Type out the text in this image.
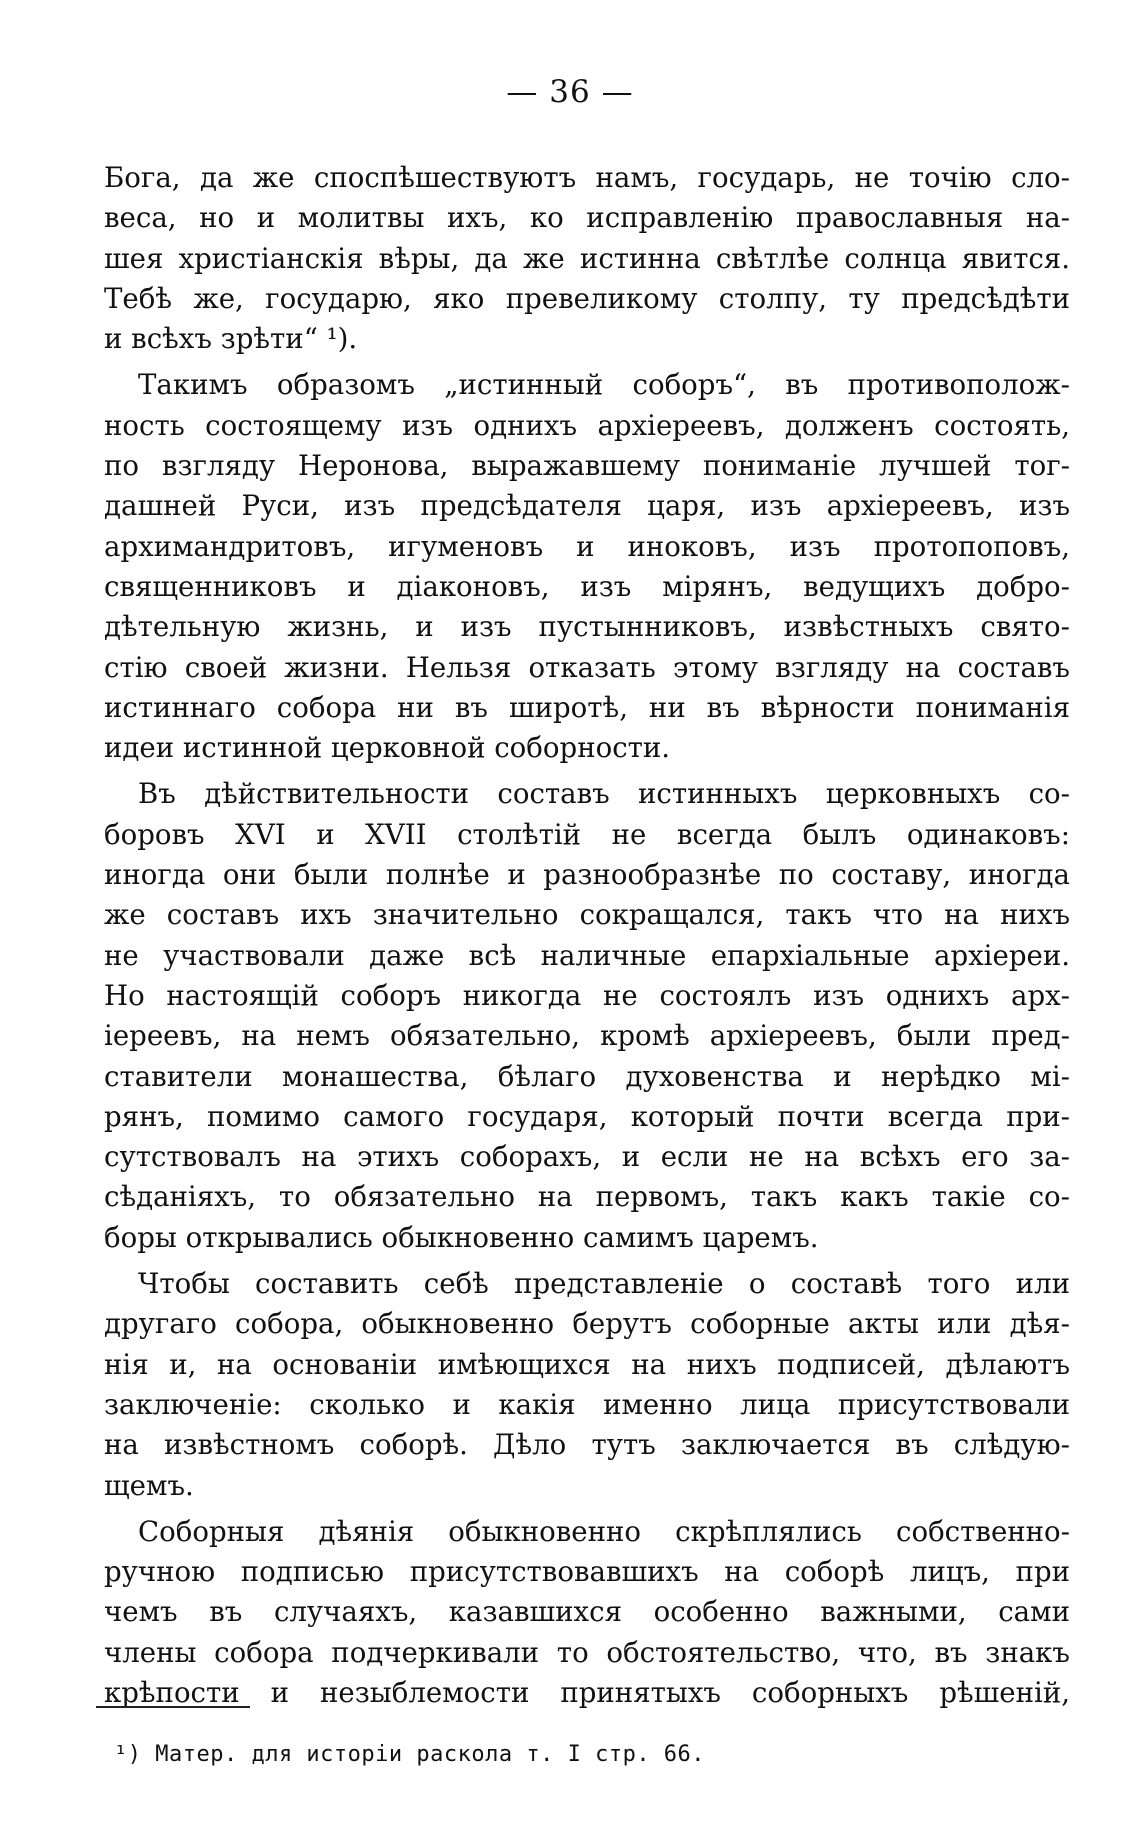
— 36 —
Бога, да же споспѣшествуютъ намъ, государь, не точію сло-
веса, но и молитвы ихъ, ко исправленію православныя на-
шея христіанскія вѣры, да же истинна свѣтлѣе солнца явится.
Тебѣ же, государю, яко превеликому столпу, ту предсѣдѣти
и всѣхъ зрѣти“ ¹).
Такимъ образомъ „истинный соборъ“, въ противополож-
ность состоящему изъ однихъ архіереевъ, долженъ состоять,
по взгляду Неронова, выражавшему пониманіе лучшей тог-
дашней Руси, изъ предсѣдателя царя, изъ архіереевъ, изъ
архимандритовъ, игуменовъ и иноковъ, изъ протопоповъ,
священниковъ и діаконовъ, изъ мірянъ, ведущихъ добро-
дѣтельную жизнь, и изъ пустынниковъ, извѣстныхъ свято-
стію своей жизни. Нельзя отказать этому взгляду на составъ
истиннаго собора ни въ широтѣ, ни въ вѣрности пониманія
идеи истинной церковной соборности.
Въ дѣйствительности составъ истинныхъ церковныхъ со-
боровъ XVI и XVII столѣтій не всегда былъ одинаковъ:
иногда они были полнѣе и разнообразнѣе по составу, иногда
же составъ ихъ значительно сокращался, такъ что на нихъ
не участвовали даже всѣ наличные епархіальные архіереи.
Но настоящій соборъ никогда не состоялъ изъ однихъ арх-
іереевъ, на немъ обязательно, кромѣ архіереевъ, были пред-
ставители монашества, бѣлаго духовенства и нерѣдко мі-
рянъ, помимо самого государя, который почти всегда при-
сутствовалъ на этихъ соборахъ, и если не на всѣхъ его за-
сѣданіяхъ, то обязательно на первомъ, такъ какъ такіе со-
боры открывались обыкновенно самимъ царемъ.
Чтобы составить себѣ представленіе о составѣ того или
другаго собора, обыкновенно берутъ соборные акты или дѣя-
нія и, на основаніи имѣющихся на нихъ подписей, дѣлаютъ
заключеніе: сколько и какія именно лица присутствовали
на извѣстномъ соборѣ. Дѣло тутъ заключается въ слѣдую-
щемъ.
Соборныя дѣянія обыкновенно скрѣплялись собственно-
ручною подписью присутствовавшихъ на соборѣ лицъ, при
чемъ въ случаяхъ, казавшихся особенно важными, сами
члены собора подчеркивали то обстоятельство, что, въ знакъ
крѣпости и незыблемости принятыхъ соборныхъ рѣшеній,
¹) Матер. для исторіи раскола т. I стр. 66.
